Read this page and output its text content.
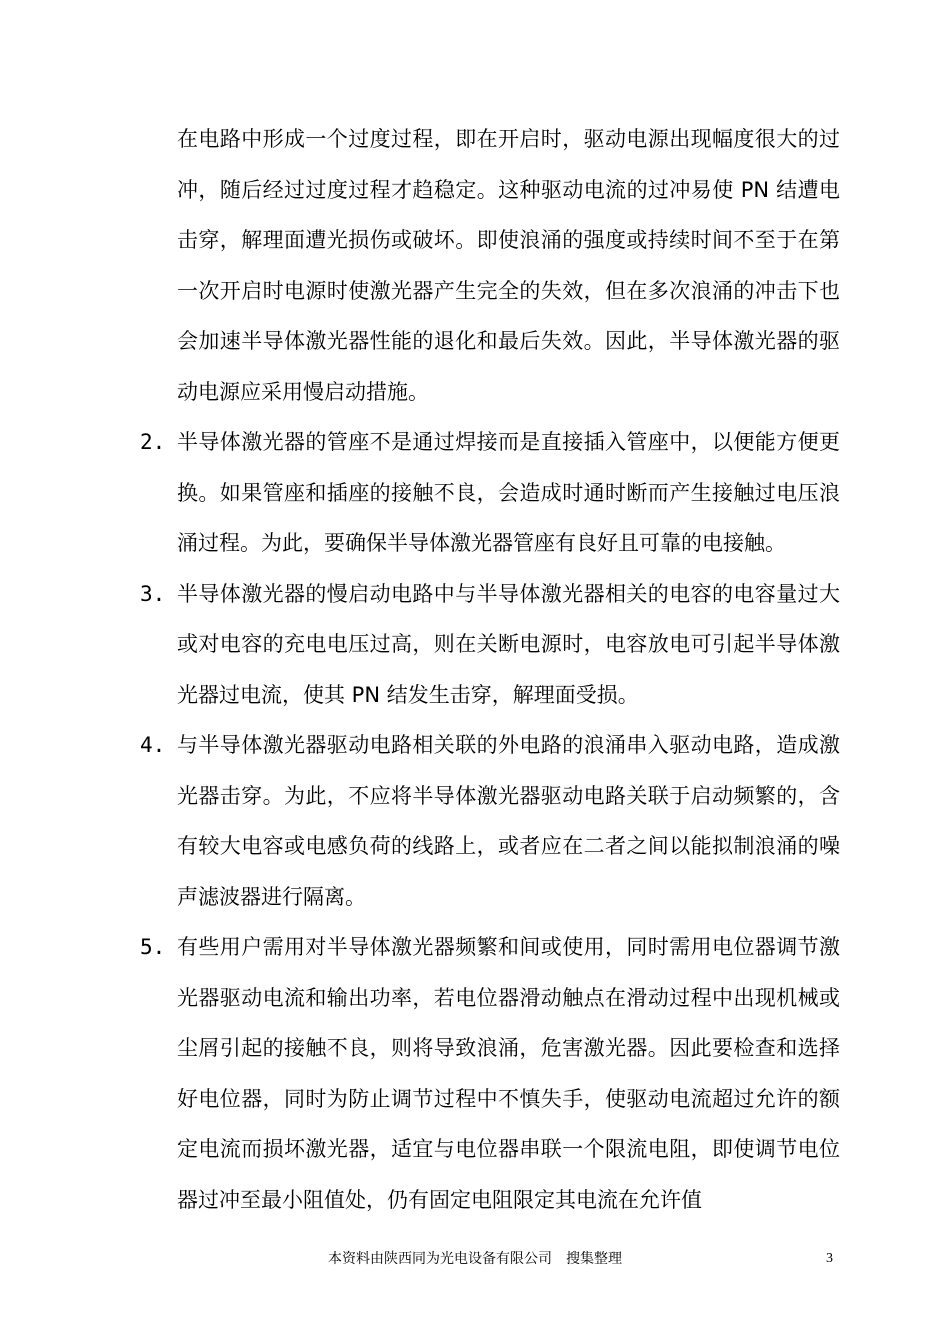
在电路中形成一个过度过程，即在开启时，驱动电源出现幅度很大的过冲，随后经过过度过程才趋稳定。这种驱动电流的过冲易使 PN 结遭电击穿，解理面遭光损伤或破坏。即使浪涌的强度或持续时间不至于在第一次开启时电源时使激光器产生完全的失效，但在多次浪涌的冲击下也会加速半导体激光器性能的退化和最后失效。因此，半导体激光器的驱动电源应采用慢启动措施。

2. 半导体激光器的管座不是通过焊接而是直接插入管座中，以便能方便更换。如果管座和插座的接触不良，会造成时通时断而产生接触过电压浪涌过程。为此，要确保半导体激光器管座有良好且可靠的电接触。
3. 半导体激光器的慢启动电路中与半导体激光器相关的电容的电容量过大或对电容的充电电压过高，则在关断电源时，电容放电可引起半导体激光器过电流，使其 PN 结发生击穿，解理面受损。
4. 与半导体激光器驱动电路相关联的外电路的浪涌串入驱动电路，造成激光器击穿。为此，不应将半导体激光器驱动电路关联于启动频繁的，含有较大电容或电感负荷的线路上，或者应在二者之间以能拟制浪涌的噪声滤波器进行隔离。
5. 有些用户需用对半导体激光器频繁和间或使用，同时需用电位器调节激光器驱动电流和输出功率，若电位器滑动触点在滑动过程中出现机械或尘屑引起的接触不良，则将导致浪涌，危害激光器。因此要检查和选择好电位器，同时为防止调节过程中不慎失手，使驱动电流超过允许的额定电流而损坏激光器，适宜与电位器串联一个限流电阻，即使调节电位器过冲至最小阻值处，仍有固定电阻限定其电流在允许值
本资料由陕西同为光电设备有限公司　搜集整理	3
